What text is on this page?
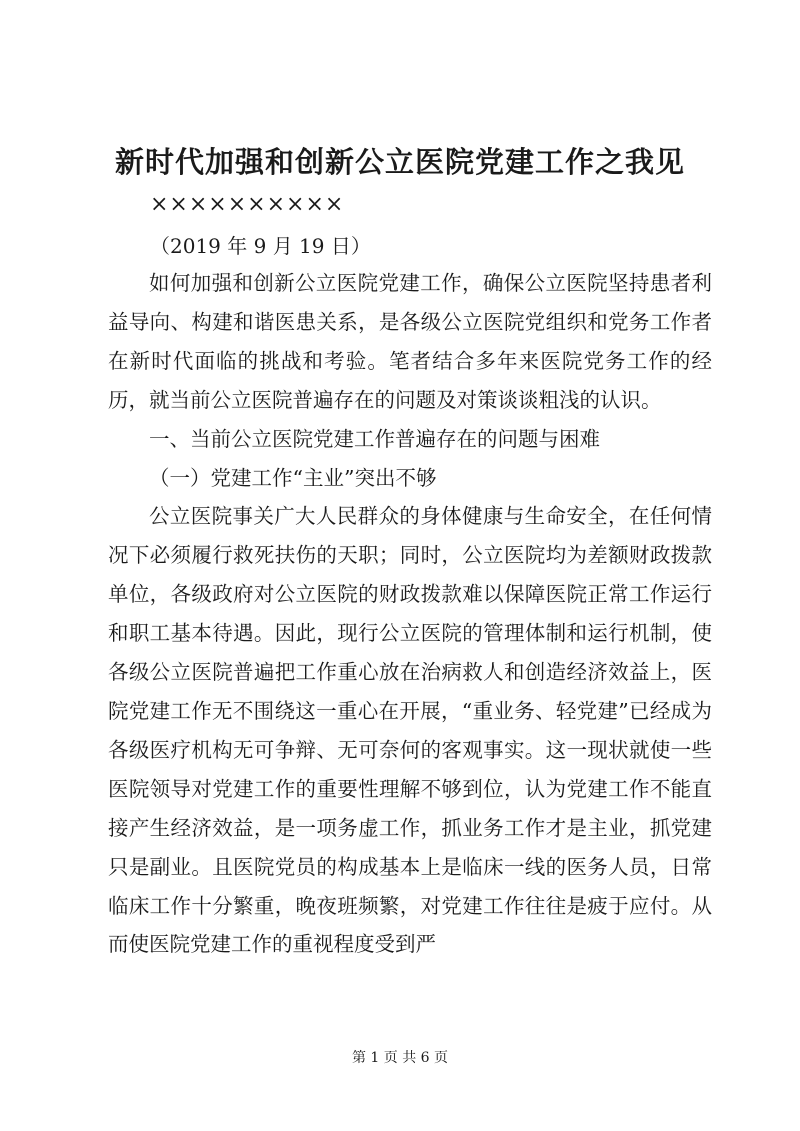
新时代加强和创新公立医院党建工作之我见
××××××××××
（2019 年 9 月 19 日）

如何加强和创新公立医院党建工作，确保公立医院坚持患者利益导向、构建和谐医患关系，是各级公立医院党组织和党务工作者在新时代面临的挑战和考验。笔者结合多年来医院党务工作的经历，就当前公立医院普遍存在的问题及对策谈谈粗浅的认识。

一、当前公立医院党建工作普遍存在的问题与困难

（一）党建工作“主业”突出不够

公立医院事关广大人民群众的身体健康与生命安全，在任何情况下必须履行救死扶伤的天职；同时，公立医院均为差额财政拨款单位，各级政府对公立医院的财政拨款难以保障医院正常工作运行和职工基本待遇。因此，现行公立医院的管理体制和运行机制，使各级公立医院普遍把工作重心放在治病救人和创造经济效益上，医院党建工作无不围绕这一重心在开展，“重业务、轻党建”已经成为各级医疗机构无可争辩、无可奈何的客观事实。这一现状就使一些医院领导对党建工作的重要性理解不够到位，认为党建工作不能直接产生经济效益，是一项务虚工作，抓业务工作才是主业，抓党建只是副业。且医院党员的构成基本上是临床一线的医务人员，日常临床工作十分繁重，晚夜班频繁，对党建工作往往是疲于应付。从而使医院党建工作的重视程度受到严

第 1 页 共 6 页
